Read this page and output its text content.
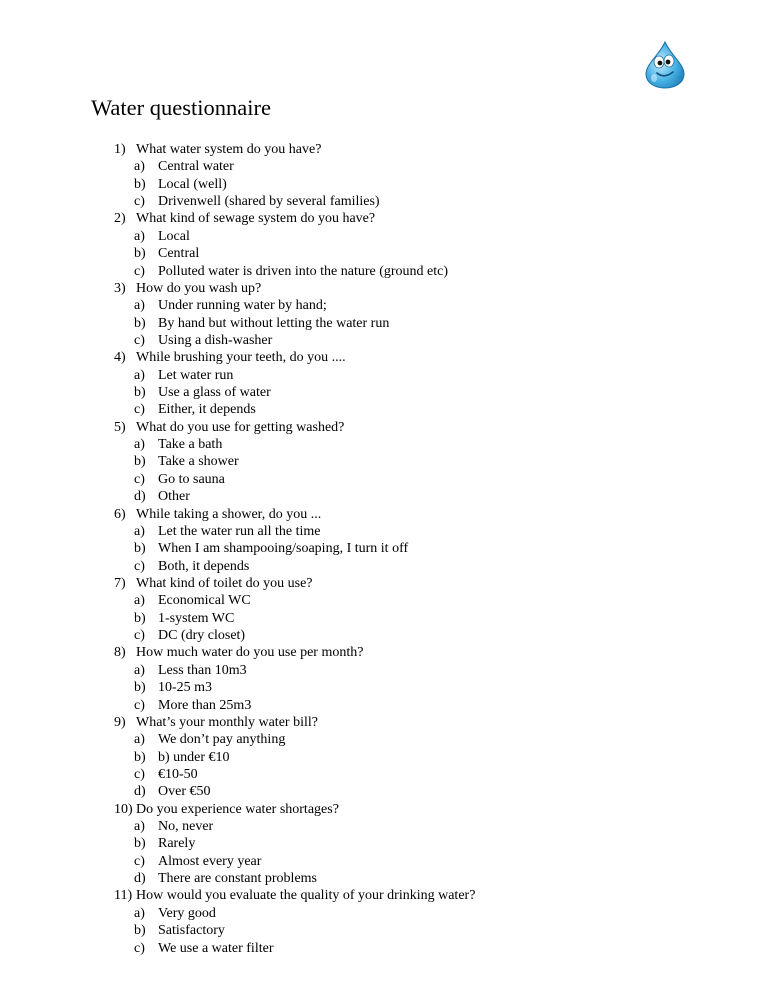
Water questionnaire
1) What water system do you have?
a) Central water
b) Local (well)
c) Drivenwell (shared by several families)
2) What kind of sewage system do you have?
a) Local
b) Central
c) Polluted water is driven into the nature (ground etc)
3) How do you wash up?
a) Under running water by hand;
b) By hand but without letting the water run
c) Using a dish-washer
4) While brushing your teeth, do you ....
a) Let water run
b) Use a glass of water
c) Either, it depends
5) What do you use for getting washed?
a) Take a bath
b) Take a shower
c) Go to sauna
d) Other
6) While taking a shower, do you ...
a) Let the water run all the time
b) When I am shampooing/soaping, I turn it off
c) Both, it depends
7) What kind of toilet do you use?
a) Economical WC
b) 1-system WC
c) DC (dry closet)
8) How much water do you use per month?
a) Less than 10m3
b) 10-25 m3
c) More than 25m3
9) What’s your monthly water bill?
a) We don’t pay anything
b) b) under €10
c) €10-50
d) Over €50
10) Do you experience water shortages?
a) No, never
b) Rarely
c) Almost every year
d) There are constant problems
11) How would you evaluate the quality of your drinking water?
a) Very good
b) Satisfactory
c) We use a water filter
